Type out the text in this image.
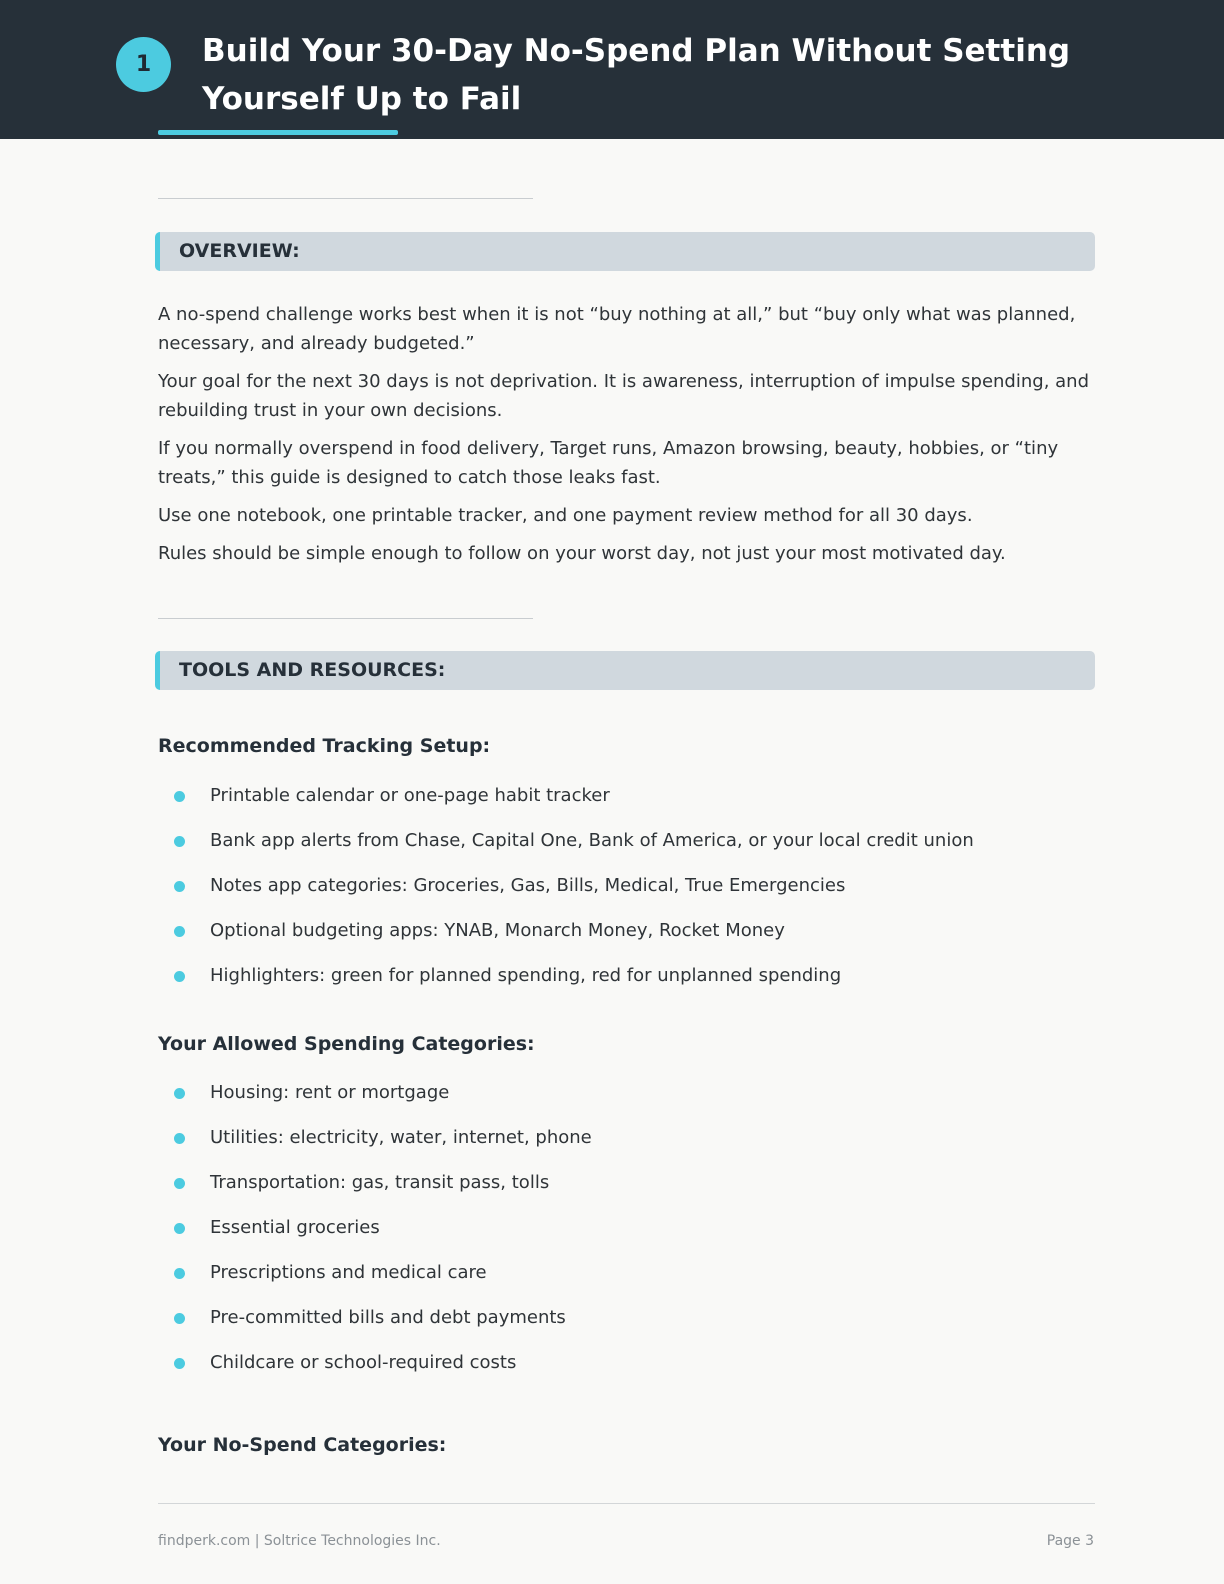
1	Build Your 30-Day No-Spend Plan Without Setting Yourself Up to Fail
OVERVIEW:

A no-spend challenge works best when it is not “buy nothing at all,” but “buy only what was planned, necessary, and already budgeted.”

Your goal for the next 30 days is not deprivation. It is awareness, interruption of impulse spending, and rebuilding trust in your own decisions.

If you normally overspend in food delivery, Target runs, Amazon browsing, beauty, hobbies, or “tiny treats,” this guide is designed to catch those leaks fast.

Use one notebook, one printable tracker, and one payment review method for all 30 days.

Rules should be simple enough to follow on your worst day, not just your most motivated day.

TOOLS AND RESOURCES:
Recommended Tracking Setup:
Printable calendar or one-page habit tracker
Bank app alerts from Chase, Capital One, Bank of America, or your local credit union
Notes app categories: Groceries, Gas, Bills, Medical, True Emergencies
Optional budgeting apps: YNAB, Monarch Money, Rocket Money
Highlighters: green for planned spending, red for unplanned spending
Your Allowed Spending Categories:
Housing: rent or mortgage
Utilities: electricity, water, internet, phone
Transportation: gas, transit pass, tolls
Essential groceries
Prescriptions and medical care
Pre-committed bills and debt payments
Childcare or school-required costs
Your No-Spend Categories:
findperk.com | Soltrice Technologies Inc.	Page 3
